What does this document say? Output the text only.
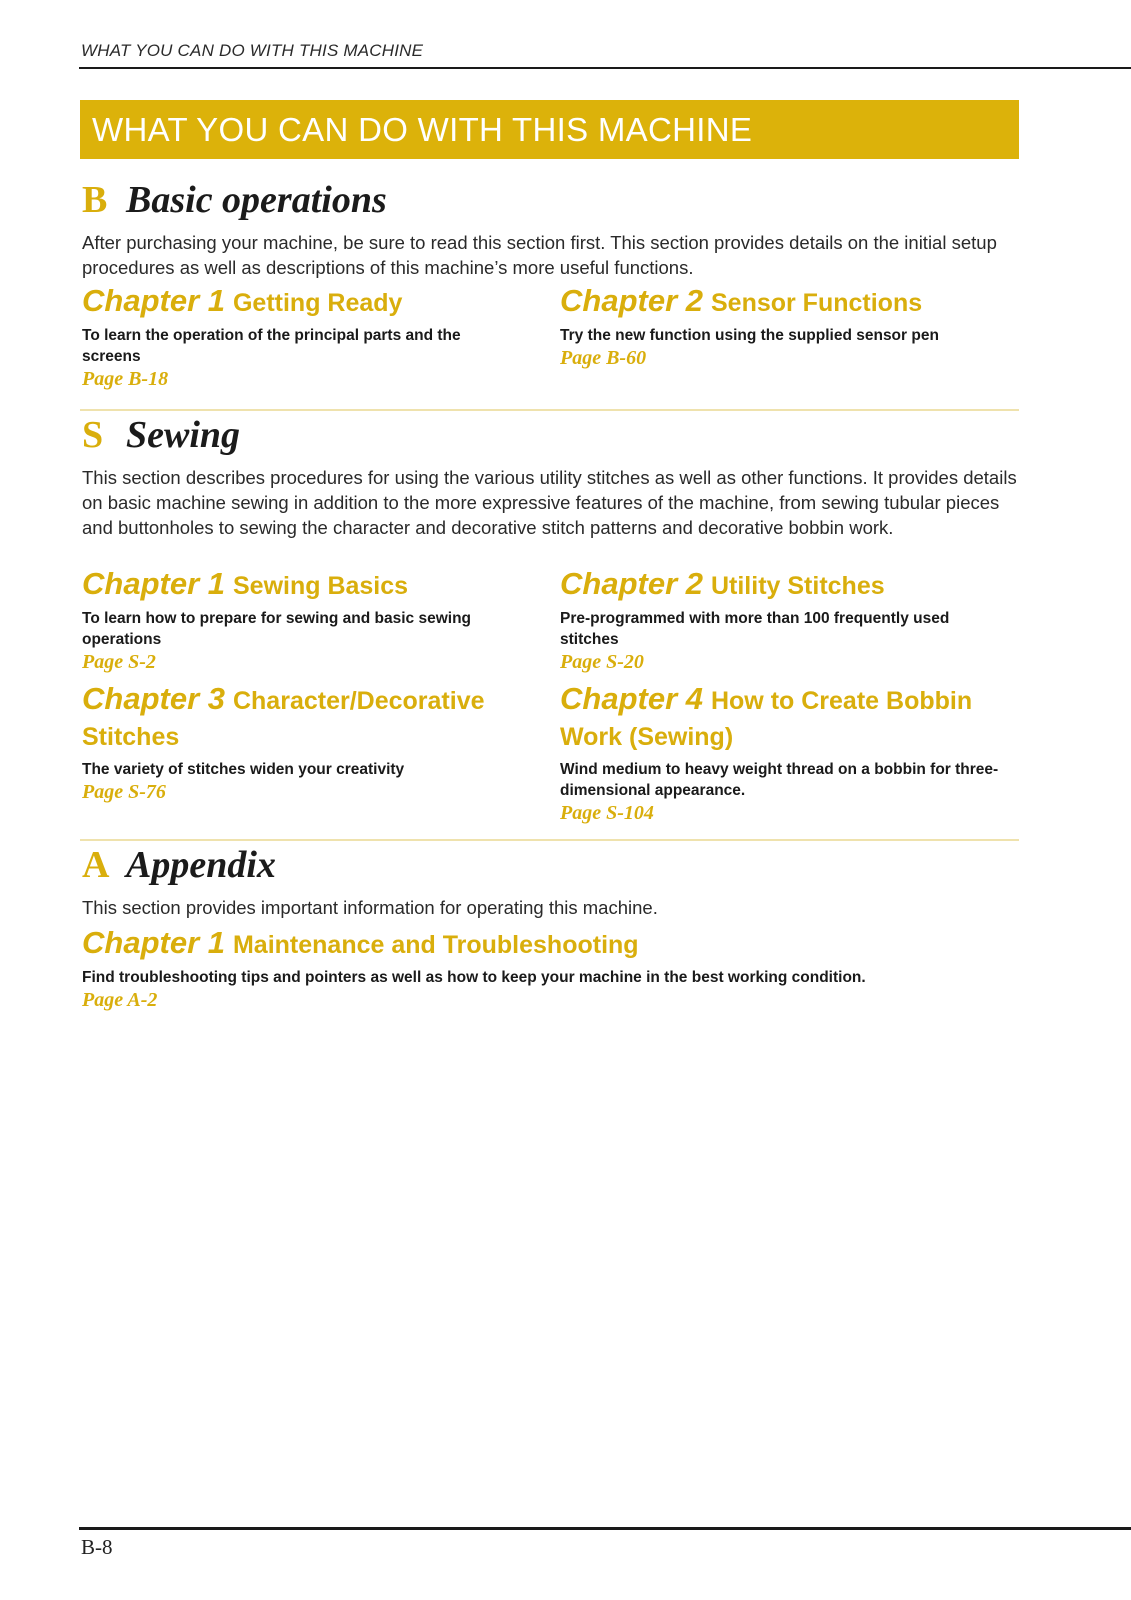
WHAT YOU CAN DO WITH THIS MACHINE
WHAT YOU CAN DO WITH THIS MACHINE
B Basic operations

After purchasing your machine, be sure to read this section first. This section provides details on the initial setup procedures as well as descriptions of this machine’s more useful functions.

Chapter 1 Getting Ready
To learn the operation of the principal parts and the screens
Page B-18
Chapter 2 Sensor Functions
Try the new function using the supplied sensor pen
Page B-60
S Sewing

This section describes procedures for using the various utility stitches as well as other functions. It provides details on basic machine sewing in addition to the more expressive features of the machine, from sewing tubular pieces and buttonholes to sewing the character and decorative stitch patterns and decorative bobbin work.

Chapter 1 Sewing Basics
To learn how to prepare for sewing and basic sewing operations
Page S-2
Chapter 2 Utility Stitches
Pre-programmed with more than 100 frequently used stitches
Page S-20
Chapter 3 Character/Decorative Stitches
The variety of stitches widen your creativity
Page S-76
Chapter 4 How to Create Bobbin Work (Sewing)
Wind medium to heavy weight thread on a bobbin for three-dimensional appearance.
Page S-104
A Appendix

This section provides important information for operating this machine.

Chapter 1 Maintenance and Troubleshooting
Find troubleshooting tips and pointers as well as how to keep your machine in the best working condition.
Page A-2
B-8
